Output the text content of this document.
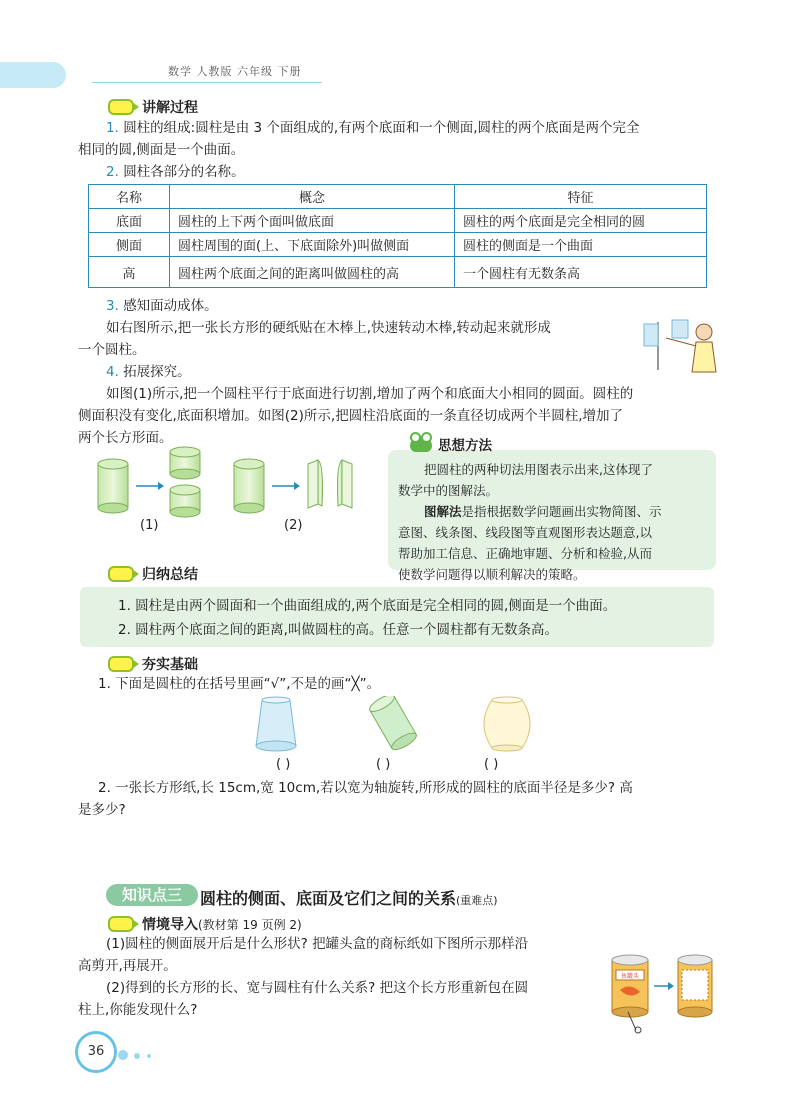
数学 人教版 六年级 下册
讲解过程

1. 圆柱的组成:圆柱是由 3 个面组成的,有两个底面和一个侧面,圆柱的两个底面是两个完全

相同的圆,侧面是一个曲面。

2. 圆柱各部分的名称。

名称	概念	特征
底面	圆柱的上下两个面叫做底面	圆柱的两个底面是完全相同的圆
侧面	圆柱周围的面(上、下底面除外)叫做侧面	圆柱的侧面是一个曲面
高	圆柱两个底面之间的距离叫做圆柱的高	一个圆柱有无数条高

3. 感知面动成体。

如右图所示,把一张长方形的硬纸贴在木棒上,快速转动木棒,转动起来就形成

一个圆柱。

4. 拓展探究。

如图(1)所示,把一个圆柱平行于底面进行切割,增加了两个和底面大小相同的圆面。圆柱的

侧面积没有变化,底面积增加。如图(2)所示,把圆柱沿底面的一条直径切成两个半圆柱,增加了

两个长方形面。

(1)	(2)
思想方法

把圆柱的两种切法用图表示出来,这体现了

数学中的图解法。

图解法是指根据数学问题画出实物简图、示

意图、线条图、线段图等直观图形表达题意,以

帮助加工信息、正确地审题、分析和检验,从而

使数学问题得以顺利解决的策略。

归纳总结

1. 圆柱是由两个圆面和一个曲面组成的,两个底面是完全相同的圆,侧面是一个曲面。

2. 圆柱两个底面之间的距离,叫做圆柱的高。任意一个圆柱都有无数条高。

夯实基础
1. 下面是圆柱的在括号里画“√”,不是的画“╳”。
( )	( )	( )

2. 一张长方形纸,长 15cm,宽 10cm,若以宽为轴旋转,所形成的圆柱的底面半径是多少? 高

是多少?

知识点三	圆柱的侧面、底面及它们之间的关系(重难点)
情境导入 (教材第 19 页例 2)

(1)圆柱的侧面展开后是什么形状? 把罐头盒的商标纸如下图所示那样沿

高剪开,再展开。

(2)得到的长方形的长、宽与圆柱有什么关系? 把这个长方形重新包在圆

柱上,你能发现什么?

鱼罐头
36
